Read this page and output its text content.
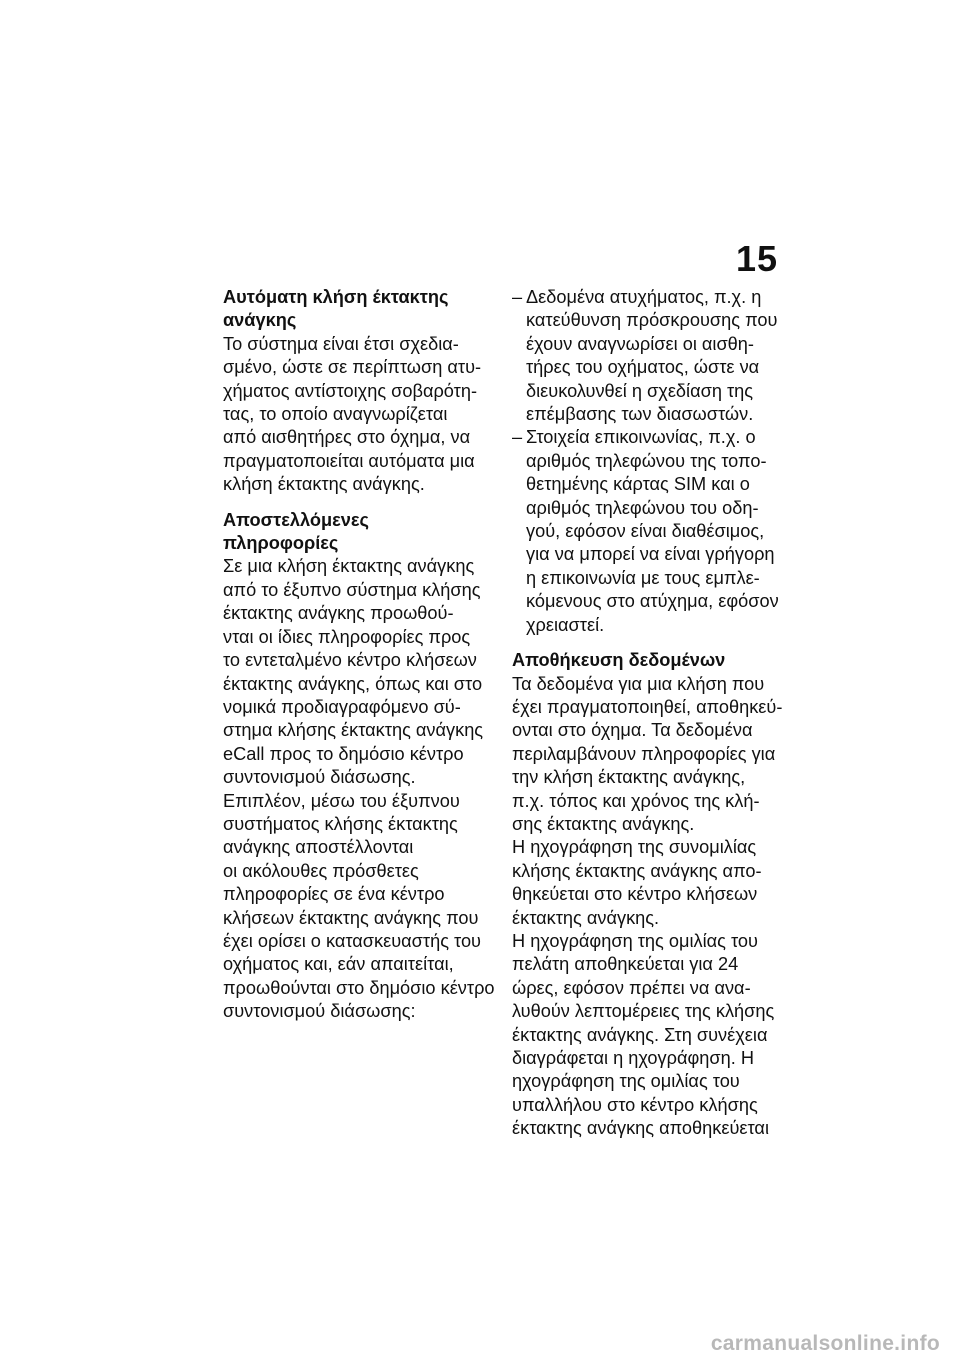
15
Αυτόματη κλήση έκτακτης
ανάγκης
Το σύστημα είναι έτσι σχεδια-
σμένο, ώστε σε περίπτωση ατυ-
χήματος αντίστοιχης σοβαρότη-
τας, το οποίο αναγνωρίζεται
από αισθητήρες στο όχημα, να
πραγματοποιείται αυτόματα μια
κλήση έκτακτης ανάγκης.
Αποστελλόμενες
πληροφορίες
Σε μια κλήση έκτακτης ανάγκης
από το έξυπνο σύστημα κλήσης
έκτακτης ανάγκης προωθού-
νται οι ίδιες πληροφορίες προς
το εντεταλμένο κέντρο κλήσεων
έκτακτης ανάγκης, όπως και στο
νομικά προδιαγραφόμενο σύ-
στημα κλήσης έκτακτης ανάγκης
eCall προς το δημόσιο κέντρο
συντονισμού διάσωσης.
Επιπλέον, μέσω του έξυπνου
συστήματος κλήσης έκτακτης
ανάγκης αποστέλλονται
οι ακόλουθες πρόσθετες
πληροφορίες σε ένα κέντρο
κλήσεων έκτακτης ανάγκης που
έχει ορίσει ο κατασκευαστής του
οχήματος και, εάν απαιτείται,
προωθούνται στο δημόσιο κέντρο
συντονισμού διάσωσης:
– Δεδομένα ατυχήματος, π.χ. η
κατεύθυνση πρόσκρουσης που
έχουν αναγνωρίσει οι αισθη-
τήρες του οχήματος, ώστε να
διευκολυνθεί η σχεδίαση της
επέμβασης των διασωστών.
– Στοιχεία επικοινωνίας, π.χ. ο
αριθμός τηλεφώνου της τοπο-
θετημένης κάρτας SIM και ο
αριθμός τηλεφώνου του οδη-
γού, εφόσον είναι διαθέσιμος,
για να μπορεί να είναι γρήγορη
η επικοινωνία με τους εμπλε-
κόμενους στο ατύχημα, εφόσον
χρειαστεί.
Αποθήκευση δεδομένων
Τα δεδομένα για μια κλήση που
έχει πραγματοποιηθεί, αποθηκεύ-
ονται στο όχημα. Τα δεδομένα
περιλαμβάνουν πληροφορίες για
την κλήση έκτακτης ανάγκης,
π.χ. τόπος και χρόνος της κλή-
σης έκτακτης ανάγκης.
Η ηχογράφηση της συνομιλίας
κλήσης έκτακτης ανάγκης απο-
θηκεύεται στο κέντρο κλήσεων
έκτακτης ανάγκης.
Η ηχογράφηση της ομιλίας του
πελάτη αποθηκεύεται για 24
ώρες, εφόσον πρέπει να ανα-
λυθούν λεπτομέρειες της κλήσης
έκτακτης ανάγκης. Στη συνέχεια
διαγράφεται η ηχογράφηση. Η
ηχογράφηση της ομιλίας του
υπαλλήλου στο κέντρο κλήσης
έκτακτης ανάγκης αποθηκεύεται
carmanualsonline.info
